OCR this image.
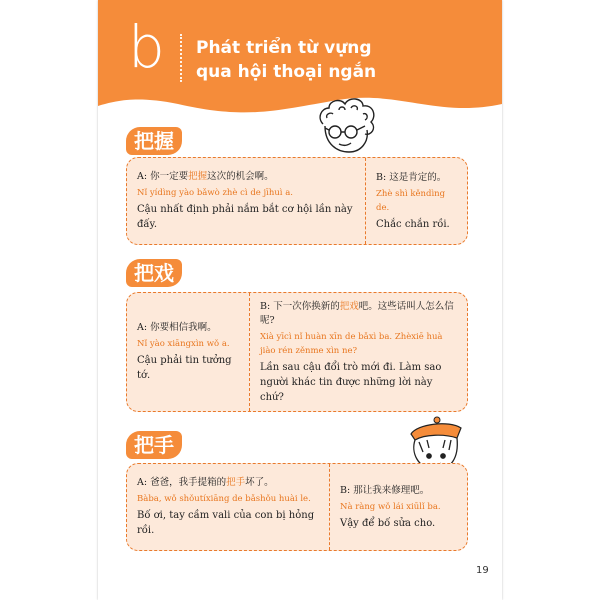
b Phát triển từ vựng
qua hội thoại ngắn
把握
A: 你一定要把握这次的机会啊。
Nǐ yídìng yào bǎwò zhè cì de jīhuì a.
Cậu nhất định phải nắm bắt cơ hội lần này đấy.
B: 这是肯定的。
Zhè shì kěndìng de.
Chắc chắn rồi.
把戏
A: 你要相信我啊。
Nǐ yào xiāngxìn wǒ a.
Cậu phải tin tưởng tớ.
B: 下一次你换新的把戏吧。这些话叫人怎么信呢?
Xià yīcì nǐ huàn xīn de bǎxì ba. Zhèxiē huà jiào rén zěnme xìn ne?
Lần sau cậu đổi trò mới đi. Làm sao người khác tin được những lời này chứ?
把手
A: 爸爸，我手提箱的把手坏了。
Bàba, wǒ shǒutíxiāng de bǎshǒu huài le.
Bố ơi, tay cầm vali của con bị hỏng rồi.
B: 那让我来修理吧。
Nà ràng wǒ lái xiūlǐ ba.
Vậy để bố sửa cho.
19
